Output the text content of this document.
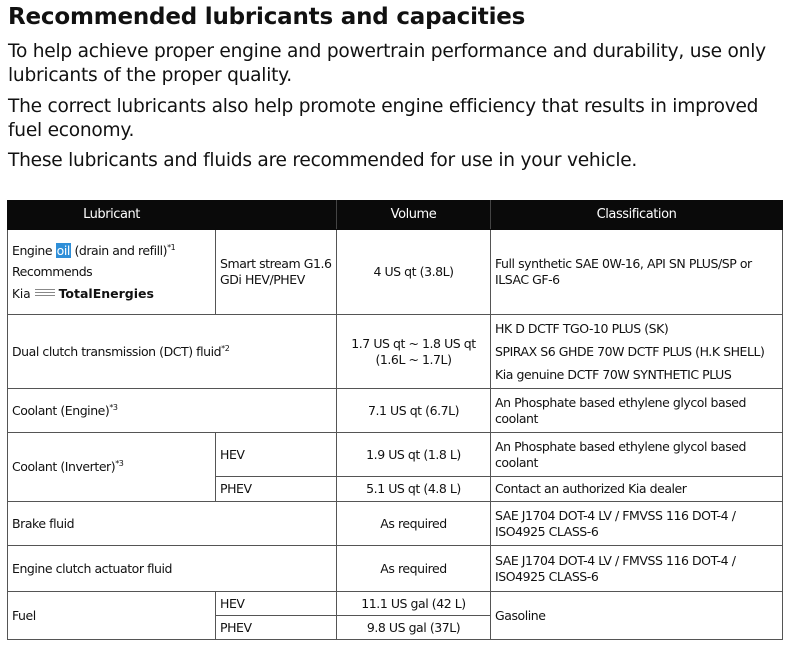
Recommended lubricants and capacities

To help achieve proper engine and powertrain performance and durability, use only lubricants of the proper quality.

The correct lubricants also help promote engine efficiency that results in improved fuel economy.

These lubricants and fluids are recommended for use in your vehicle.

Lubricant		Volume	Classification

Engine oil (drain and refill)$^{*1}$
Recommends
Kia TotalEnergies	Smart stream G1.6 GDi HEV/PHEV	4 US qt (3.8L)	Full synthetic SAE 0W-16, API SN PLUS/SP or ILSAC GF-6
Dual clutch transmission (DCT) fluid$^{*2}$		1.7 US qt ~ 1.8 US qt (1.6L ~ 1.7L)	HK D DCTF TGO-10 PLUS (SK)
SPIRAX S6 GHDE 70W DCTF PLUS (H.K SHELL)
Kia genuine DCTF 70W SYNTHETIC PLUS

Coolant (Engine)$^{*3}$		7.1 US qt (6.7L)	An Phosphate based ethylene glycol based coolant
Coolant (Inverter)$^{*3}$	HEV	1.9 US qt (1.8 L)	An Phosphate based ethylene glycol based coolant
	PHEV	5.1 US qt (4.8 L)	Contact an authorized Kia dealer
Brake fluid		As required	SAE J1704 DOT-4 LV / FMVSS 116 DOT-4 / ISO4925 CLASS-6
Engine clutch actuator fluid		As required	SAE J1704 DOT-4 LV / FMVSS 116 DOT-4 / ISO4925 CLASS-6
Fuel	HEV	11.1 US gal (42 L)	Gasoline
	PHEV	9.8 US gal (37L)	
